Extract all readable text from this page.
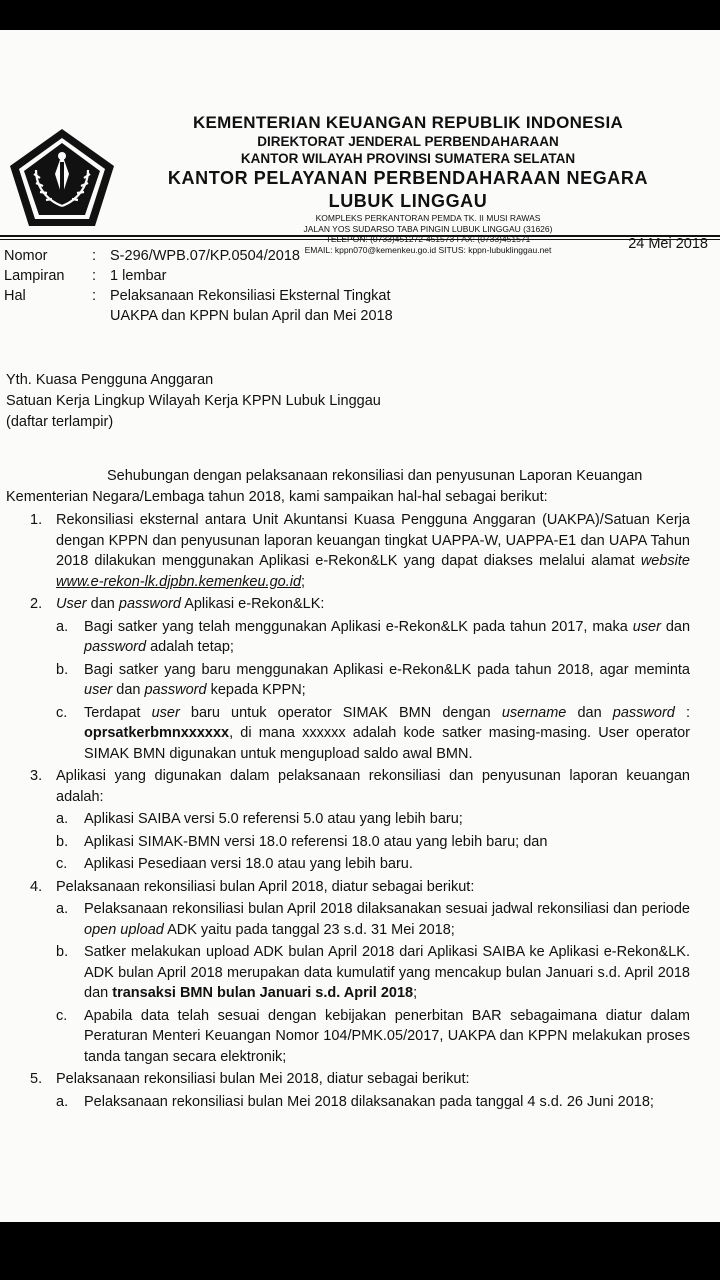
KEMENTERIAN KEUANGAN REPUBLIK INDONESIA
DIREKTORAT JENDERAL PERBENDAHARAAN
KANTOR WILAYAH PROVINSI SUMATERA SELATAN
KANTOR PELAYANAN PERBENDAHARAAN NEGARA
LUBUK LINGGAU
KOMPLEKS PERKANTORAN PEMDA TK. II MUSI RAWAS
JALAN YOS SUDARSO TABA PINGIN LUBUK LINGGAU (31626)
TELEPON: (0733)451272-451573 FAX: (0733)451571
EMAIL: kppn070@kemenkeu.go.id SITUS: kppn-lubuklinggau.net	24 Mei 2018
Nomor	: S-296/WPB.07/KP.0504/2018
Lampiran : 1 lembar
Hal	: Pelaksanaan Rekonsiliasi Eksternal Tingkat
UAKPA dan KPPN bulan April dan Mei 2018
Yth. Kuasa Pengguna Anggaran
Satuan Kerja Lingkup Wilayah Kerja KPPN Lubuk Linggau
(daftar terlampir)
Sehubungan dengan pelaksanaan rekonsiliasi dan penyusunan Laporan Keuangan
Kementerian Negara/Lembaga tahun 2018, kami sampaikan hal-hal sebagai berikut:
1. Rekonsiliasi eksternal antara Unit Akuntansi Kuasa Pengguna Anggaran (UAKPA)/Satuan Kerja dengan KPPN dan penyusunan laporan keuangan tingkat UAPPA-W, UAPPA-E1 dan UAPA Tahun 2018 dilakukan menggunakan Aplikasi e-Rekon&LK yang dapat diakses melalui alamat website www.e-rekon-lk.djpbn.kemenkeu.go.id;
2. User dan password Aplikasi e-Rekon&LK:
a. Bagi satker yang telah menggunakan Aplikasi e-Rekon&LK pada tahun 2017, maka user dan password adalah tetap;
b. Bagi satker yang baru menggunakan Aplikasi e-Rekon&LK pada tahun 2018, agar meminta user dan password kepada KPPN;
c. Terdapat user baru untuk operator SIMAK BMN dengan username dan password : oprsatkerbmnxxxxxx, di mana xxxxxx adalah kode satker masing-masing. User operator SIMAK BMN digunakan untuk mengupload saldo awal BMN.
3. Aplikasi yang digunakan dalam pelaksanaan rekonsiliasi dan penyusunan laporan keuangan adalah:
a. Aplikasi SAIBA versi 5.0 referensi 5.0 atau yang lebih baru;
b. Aplikasi SIMAK-BMN versi 18.0 referensi 18.0 atau yang lebih baru; dan
c. Aplikasi Pesediaan versi 18.0 atau yang lebih baru.
4. Pelaksanaan rekonsiliasi bulan April 2018, diatur sebagai berikut:
a. Pelaksanaan rekonsiliasi bulan April 2018 dilaksanakan sesuai jadwal rekonsiliasi dan periode open upload ADK yaitu pada tanggal 23 s.d. 31 Mei 2018;
b. Satker melakukan upload ADK bulan April 2018 dari Aplikasi SAIBA ke Aplikasi e-Rekon&LK. ADK bulan April 2018 merupakan data kumulatif yang mencakup bulan Januari s.d. April 2018 dan transaksi BMN bulan Januari s.d. April 2018;
c. Apabila data telah sesuai dengan kebijakan penerbitan BAR sebagaimana diatur dalam Peraturan Menteri Keuangan Nomor 104/PMK.05/2017, UAKPA dan KPPN melakukan proses tanda tangan secara elektronik;
5. Pelaksanaan rekonsiliasi bulan Mei 2018, diatur sebagai berikut:
a. Pelaksanaan rekonsiliasi bulan Mei 2018 dilaksanakan pada tanggal 4 s.d. 26 Juni 2018;
